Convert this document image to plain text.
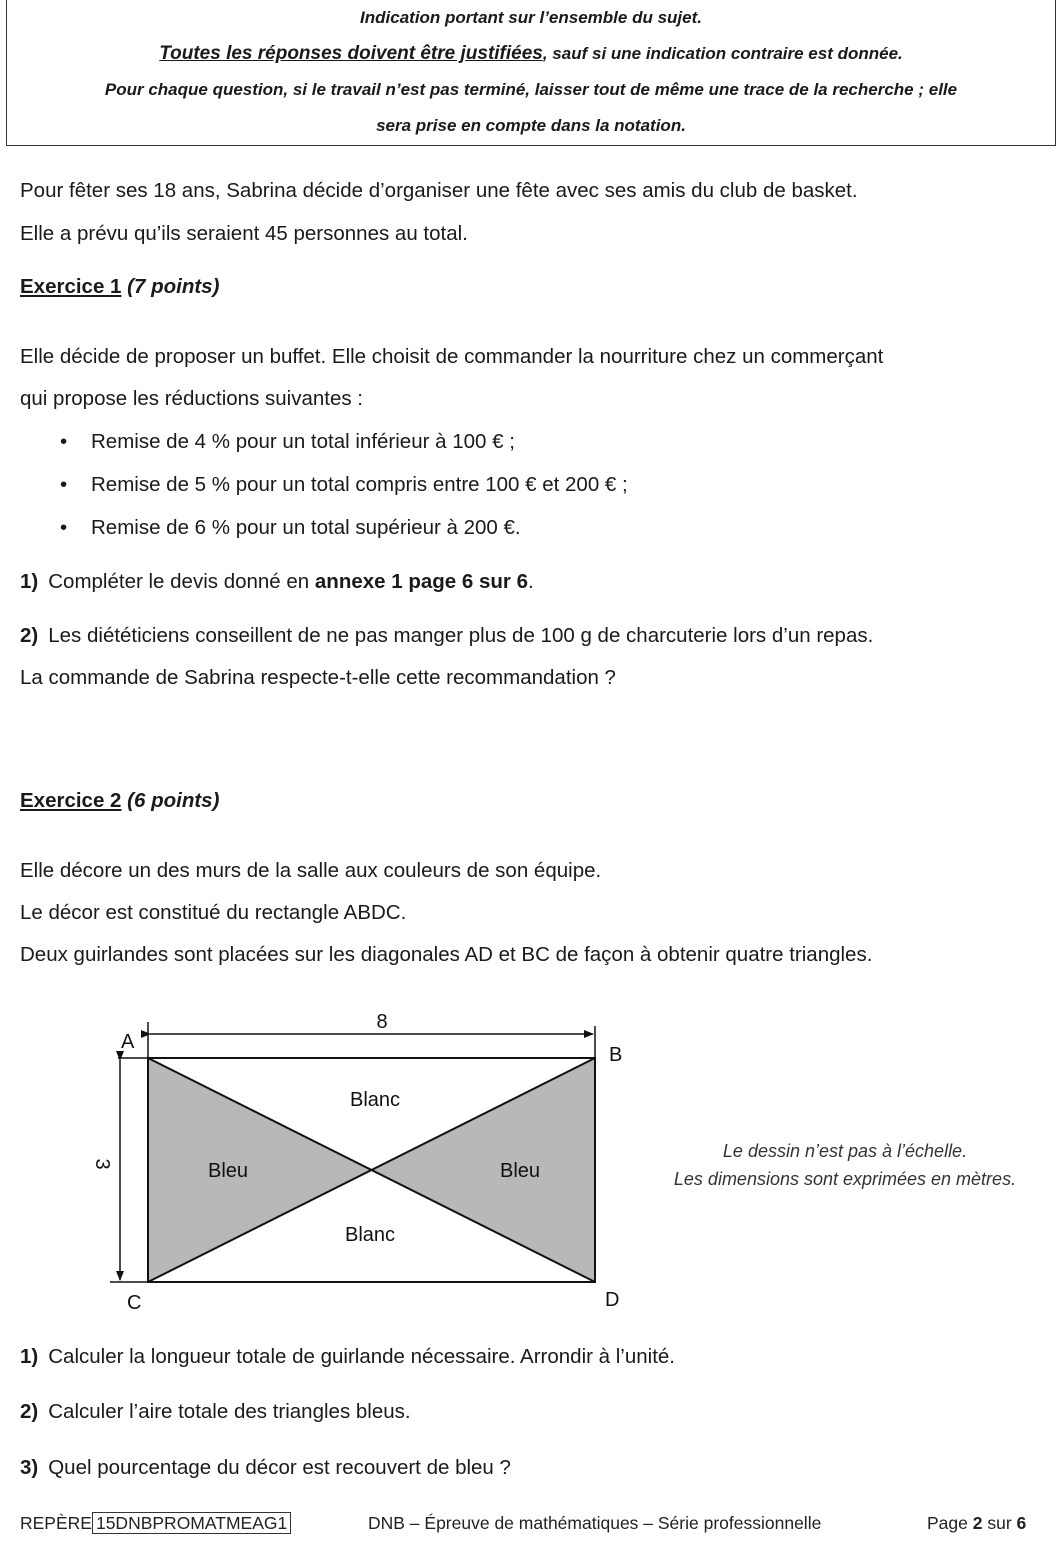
Indication portant sur l’ensemble du sujet.
Toutes les réponses doivent être justifiées, sauf si une indication contraire est donnée.
Pour chaque question, si le travail n’est pas terminé, laisser tout de même une trace de la recherche ; elle
sera prise en compte dans la notation.
Pour fêter ses 18 ans, Sabrina décide d’organiser une fête avec ses amis du club de basket.
Elle a prévu qu’ils seraient 45 personnes au total.
Exercice 1 (7 points)
Elle décide de proposer un buffet. Elle choisit de commander la nourriture chez un commerçant
qui propose les réductions suivantes :
• Remise de 4 % pour un total inférieur à 100 € ;
• Remise de 5 % pour un total compris entre 100 € et 200 € ;
• Remise de 6 % pour un total supérieur à 200 €.
1) Compléter le devis donné en annexe 1 page 6 sur 6.
2) Les diététiciens conseillent de ne pas manger plus de 100 g de charcuterie lors d’un repas.
La commande de Sabrina respecte-t-elle cette recommandation ?
Exercice 2 (6 points)
Elle décore un des murs de la salle aux couleurs de son équipe.
Le décor est constitué du rectangle ABDC.
Deux guirlandes sont placées sur les diagonales AD et BC de façon à obtenir quatre triangles.
8
3
A
B
C	D
Blanc
Blanc
Bleu	Bleu
Le dessin n’est pas à l’échelle.
Les dimensions sont exprimées en mètres.
1) Calculer la longueur totale de guirlande nécessaire. Arrondir à l’unité.
2) Calculer l’aire totale des triangles bleus.
3) Quel pourcentage du décor est recouvert de bleu ?
REPÈRE 15DNBPROMATMEAG1	DNB – Épreuve de mathématiques – Série professionnelle	Page 2 sur 6
